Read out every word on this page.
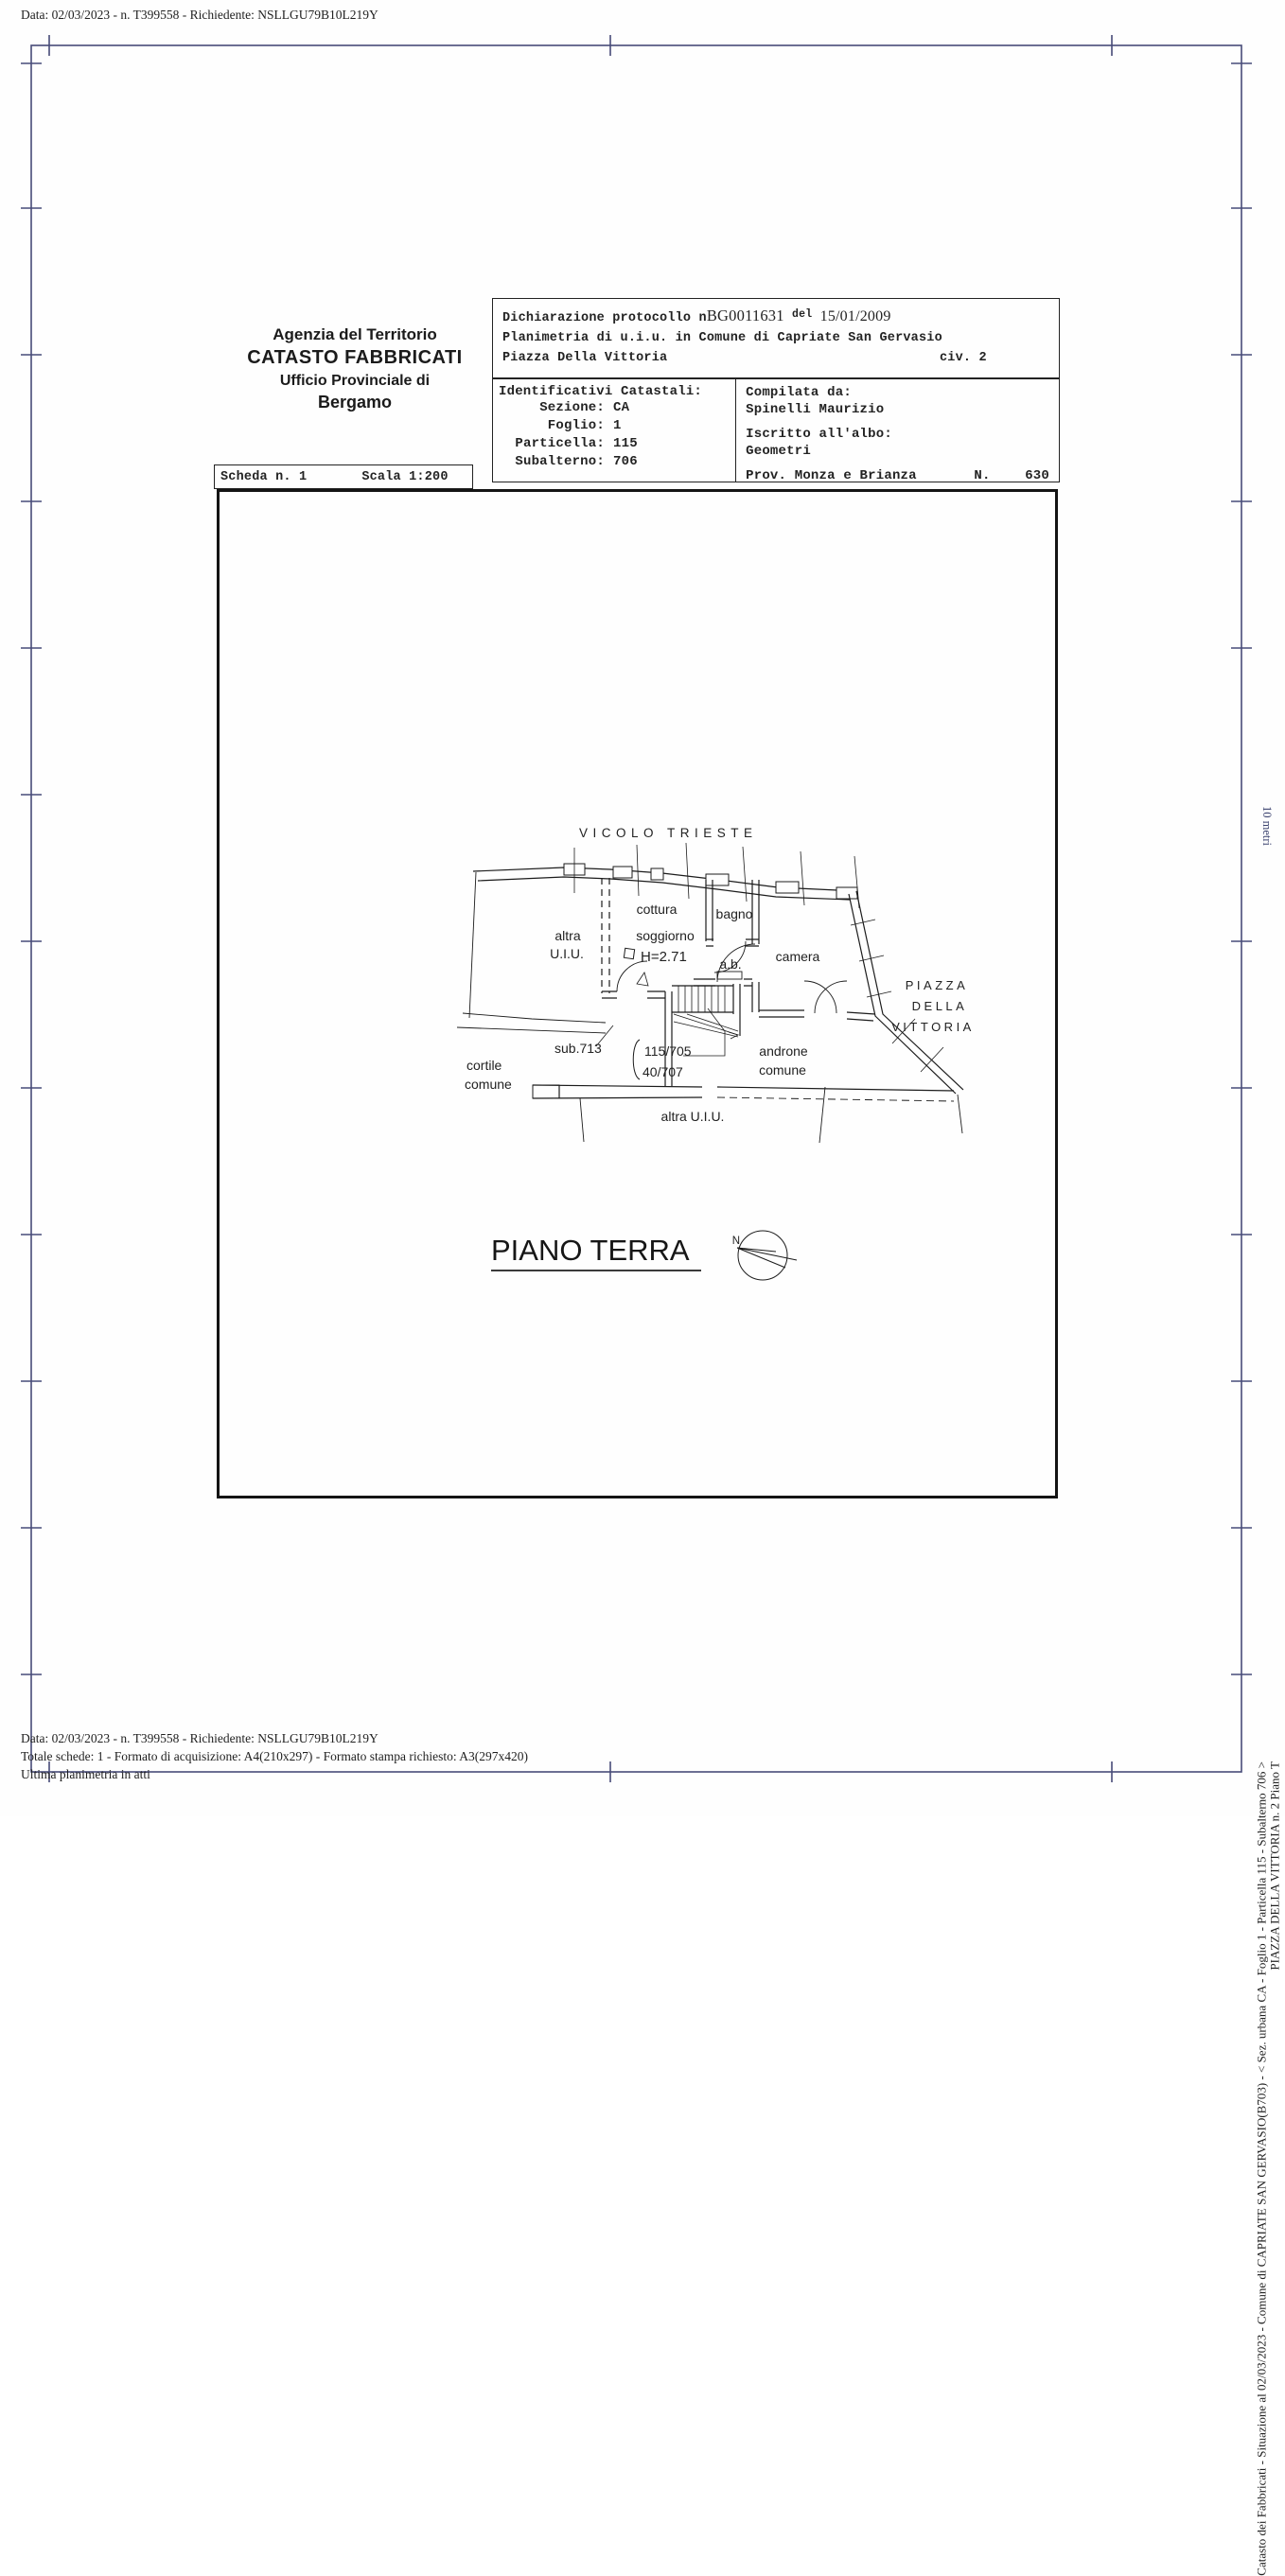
Data: 02/03/2023 - n. T399558 - Richiedente: NSLLGU79B10L219Y
N
VICOLO TRIESTE
altra
U.I.U.
cottura
soggiorno
H=2.71
bagno
a.b.	camera
sub.713	115/705
40/707
androne
comune
cortile
comune
altra U.I.U.
PIAZZA
DELLA
VITTORIA
Agenzia del Territorio
CATASTO FABBRICATI
Ufficio Provinciale di
Bergamo
Dichiarazione protocollo nBG0011631 del 15/01/2009
Planimetria di u.i.u. in Comune di Capriate San Gervasio
Piazza Della Vittoria	civ. 2
Identificativi Catastali:
Sezione: CA
Foglio: 1
Particella: 115
Subalterno: 706
Compilata da:
Spinelli Maurizio
Iscritto all'albo:
Geometri
Prov. Monza e Brianza	N.	630
Scheda n. 1	Scala 1:200
PIANO TERRA
10 metri
Catasto dei Fabbricati - Situazione al 02/03/2023 - Comune di CAPRIATE SAN GERVASIO(B703) - < Sez. urbana CA - Foglio 1 - Particella 115 - Subalterno 706 > PIAZZA DELLA VITTORIA n. 2 Piano T
Data: 02/03/2023 - n. T399558 - Richiedente: NSLLGU79B10L219Y
Totale schede: 1 - Formato di acquisizione: A4(210x297) - Formato stampa richiesto: A3(297x420)
Ultima planimetria in atti
